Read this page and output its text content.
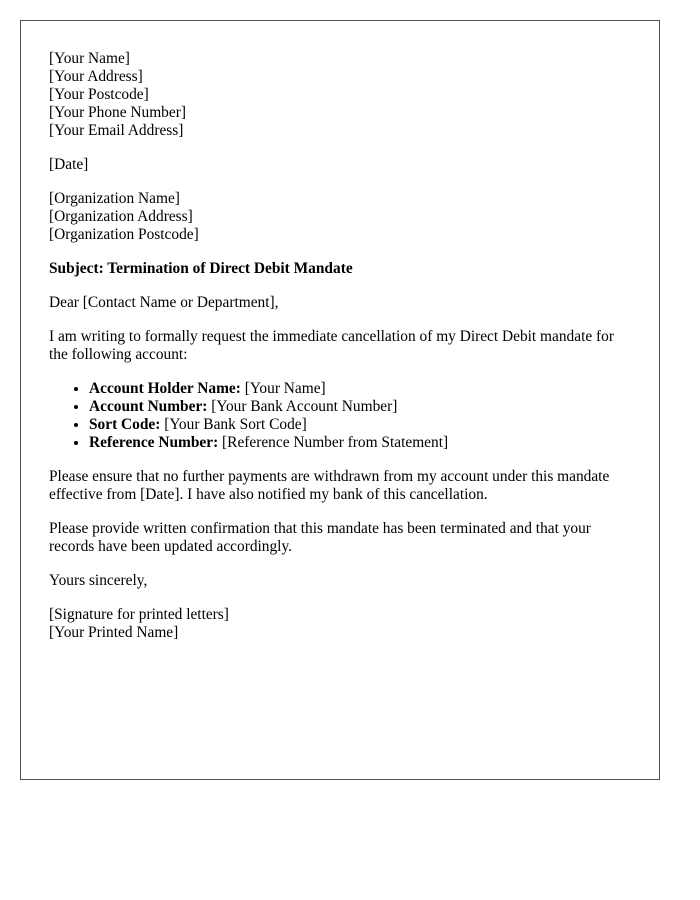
[Your Name]
[Your Address]
[Your Postcode]
[Your Phone Number]
[Your Email Address]
[Date]
[Organization Name]
[Organization Address]
[Organization Postcode]
Subject: Termination of Direct Debit Mandate
Dear [Contact Name or Department],
I am writing to formally request the immediate cancellation of my Direct Debit mandate for the following account:
• Account Holder Name: [Your Name]
• Account Number: [Your Bank Account Number]
• Sort Code: [Your Bank Sort Code]
• Reference Number: [Reference Number from Statement]
Please ensure that no further payments are withdrawn from my account under this mandate effective from [Date]. I have also notified my bank of this cancellation.
Please provide written confirmation that this mandate has been terminated and that your records have been updated accordingly.
Yours sincerely,
[Signature for printed letters]
[Your Printed Name]
